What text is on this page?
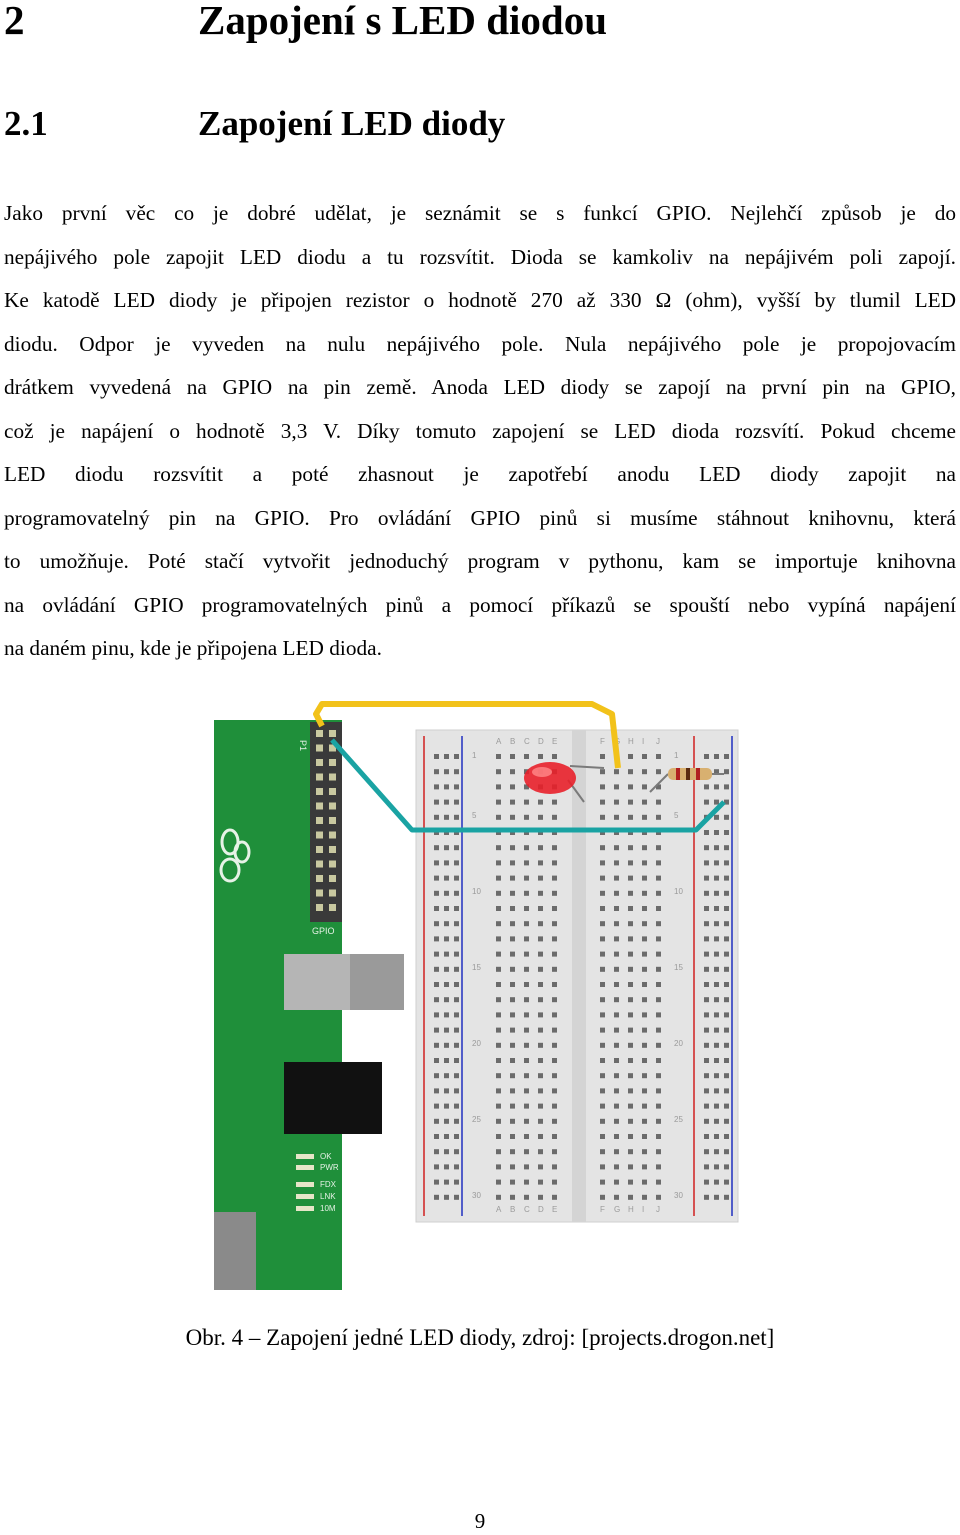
2	Zapojení s LED diodou
2.1	Zapojení LED diody
Jako první věc co je dobré udělat, je seznámit se s funkcí GPIO. Nejlehčí způsob je do
nepájivého pole zapojit LED diodu a tu rozsvítit. Dioda se kamkoliv na nepájivém poli zapojí.
Ke katodě LED diody je připojen rezistor o hodnotě 270 až 330 Ω (ohm), vyšší by tlumil LED
diodu. Odpor je vyveden na nulu nepájivého pole. Nula nepájivého pole je propojovacím
drátkem vyvedená na GPIO na pin země. Anoda LED diody se zapojí na první pin na GPIO,
což je napájení o hodnotě 3,3 V. Díky tomuto zapojení se LED dioda rozsvítí. Pokud chceme
LED diodu rozsvítit a poté zhasnout je zapotřebí anodu LED diody zapojit na
programovatelný pin na GPIO. Pro ovládání GPIO pinů si musíme stáhnout knihovnu, která
to umožňuje. Poté stačí vytvořit jednoduchý program v pythonu, kam se importuje knihovna
na ovládání GPIO programovatelných pinů a pomocí příkazů se spouští nebo vypíná napájení
na daném pinu, kde je připojena LED dioda.
P1
GPIO
OK
PWR
FDX
LNK
10M
A B C D E	F G H I J
A B C D E	F G H I J
1
5
10
15
20
25
30
1
5
10
15
20
25
30
Obr. 4 – Zapojení jedné LED diody, zdroj: [projects.drogon.net]
9
